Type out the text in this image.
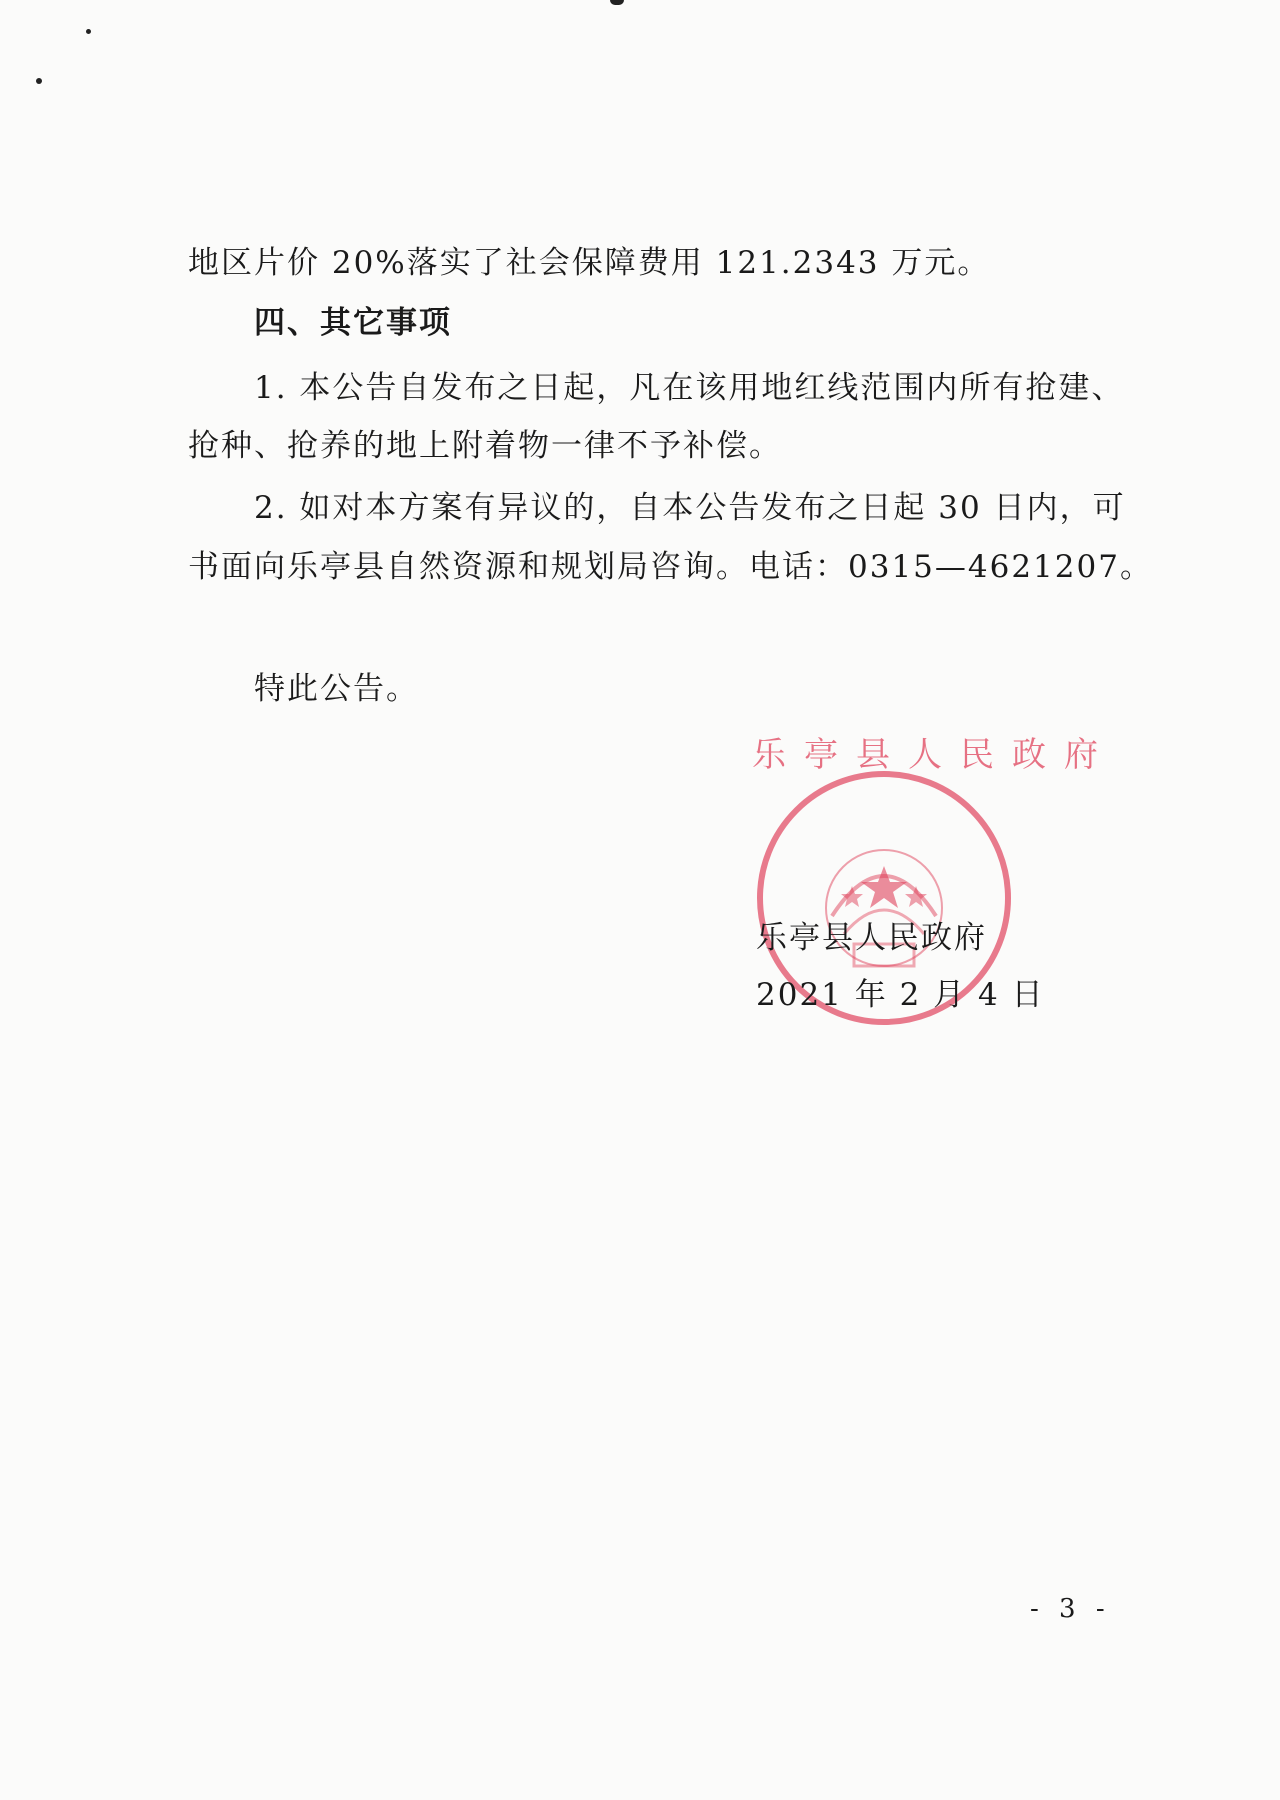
地区片价 20%落实了社会保障费用 121.2343 万元。
四、其它事项
1. 本公告自发布之日起，凡在该用地红线范围内所有抢建、
抢种、抢养的地上附着物一律不予补偿。
2. 如对本方案有异议的，自本公告发布之日起 30 日内，可
书面向乐亭县自然资源和规划局咨询。电话：0315—4621207。
特此公告。
乐亭县人民政府
乐亭县人民政府
2021 年 2 月 4 日
- 3 -
